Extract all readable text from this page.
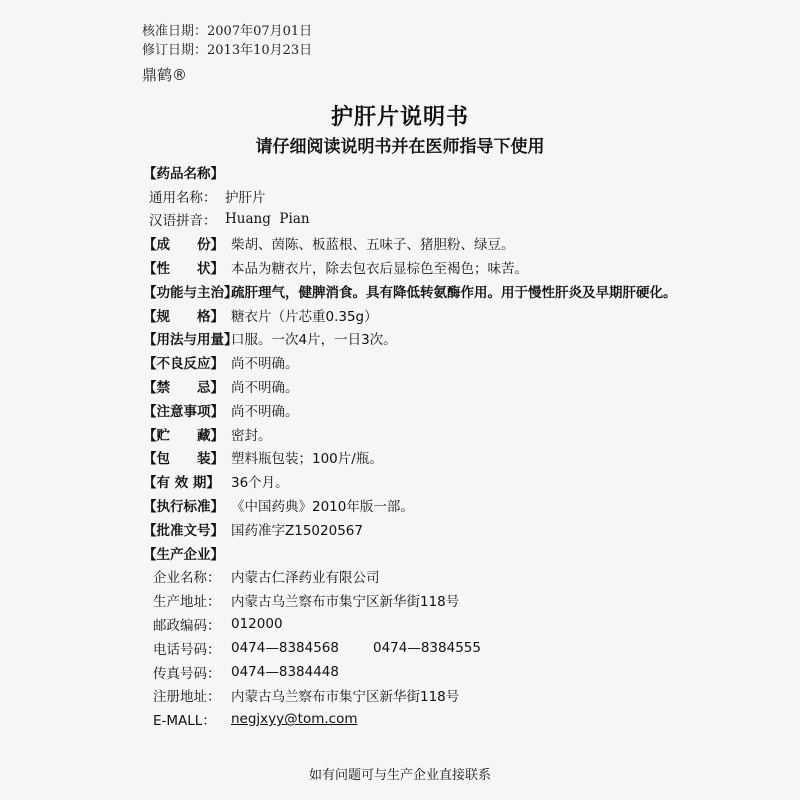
核准日期：2007年07月01日
修订日期：2013年10月23日
鼎鹤®
护肝片说明书
请仔细阅读说明书并在医师指导下使用
【药品名称】
通用名称： 护肝片
汉语拼音： Huang  Pian
【成　　份】 柴胡、茵陈、板蓝根、五味子、猪胆粉、绿豆。
【性　　状】 本品为糖衣片，除去包衣后显棕色至褐色；味苦。
【功能与主治】
疏肝理气，健脾消食。具有降低转氨酶作用。用于慢性肝炎及早期肝硬化。
【规　　格】 糖衣片（片芯重0.35g）
【用法与用量】
口服。一次4片，一日3次。
【不良反应】 尚不明确。
【禁　　忌】 尚不明确。
【注意事项】 尚不明确。
【贮　　藏】 密封。
【包　　装】 塑料瓶包装；100片/瓶。
【有 效 期】 36个月。
【执行标准】 《中国药典》2010年版一部。
【批准文号】 国药准字Z15020567
【生产企业】
企业名称： 内蒙古仁泽药业有限公司
生产地址： 内蒙古乌兰察布市集宁区新华街118号
邮政编码： 012000
电话号码： 0474—8384568	0474—8384555
传真号码： 0474—8384448
注册地址： 内蒙古乌兰察布市集宁区新华街118号
E-MALL：	negjxyy@tom.com
如有问题可与生产企业直接联系
